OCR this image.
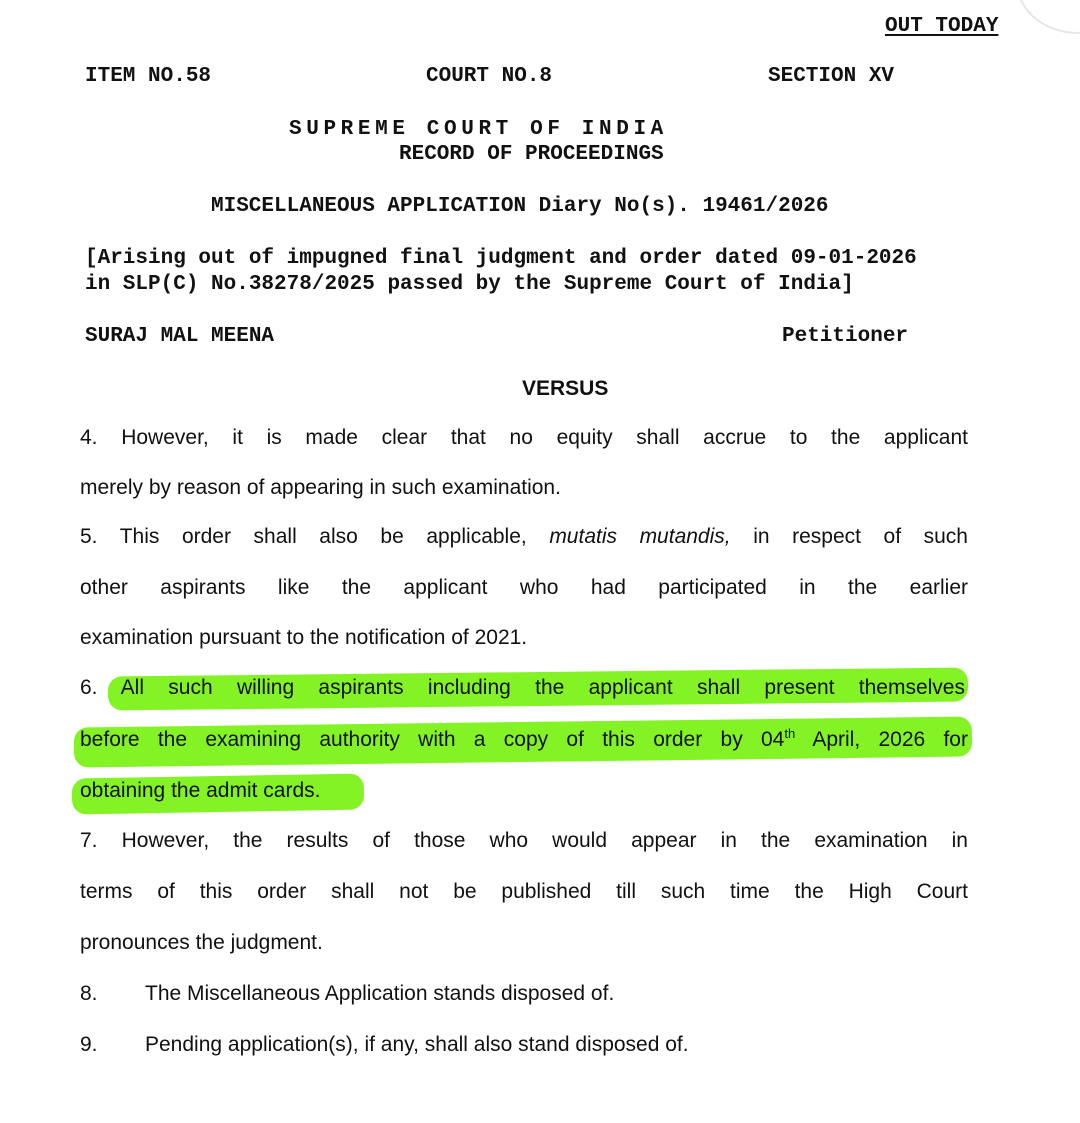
OUT TODAY
ITEM NO.58	COURT NO.8	SECTION XV
SUPREME COURT OF INDIA
RECORD OF PROCEEDINGS
MISCELLANEOUS APPLICATION Diary No(s). 19461/2026
[Arising out of impugned final judgment and order dated 09-01-2026
in SLP(C) No.38278/2025 passed by the Supreme Court of India]
SURAJ MAL MEENA	Petitioner
VERSUS
4. However, it is made clear that no equity shall accrue to the applicant
merely by reason of appearing in such examination.
5. This order shall also be applicable, mutatis mutandis, in respect of such
other aspirants like the applicant who had participated in the earlier
examination pursuant to the notification of 2021.
6. All such willing aspirants including the applicant shall present themselves
before the examining authority with a copy of this order by 04th April, 2026 for
obtaining the admit cards.
7. However, the results of those who would appear in the examination in
terms of this order shall not be published till such time the High Court
pronounces the judgment.
8. The Miscellaneous Application stands disposed of.
9. Pending application(s), if any, shall also stand disposed of.
